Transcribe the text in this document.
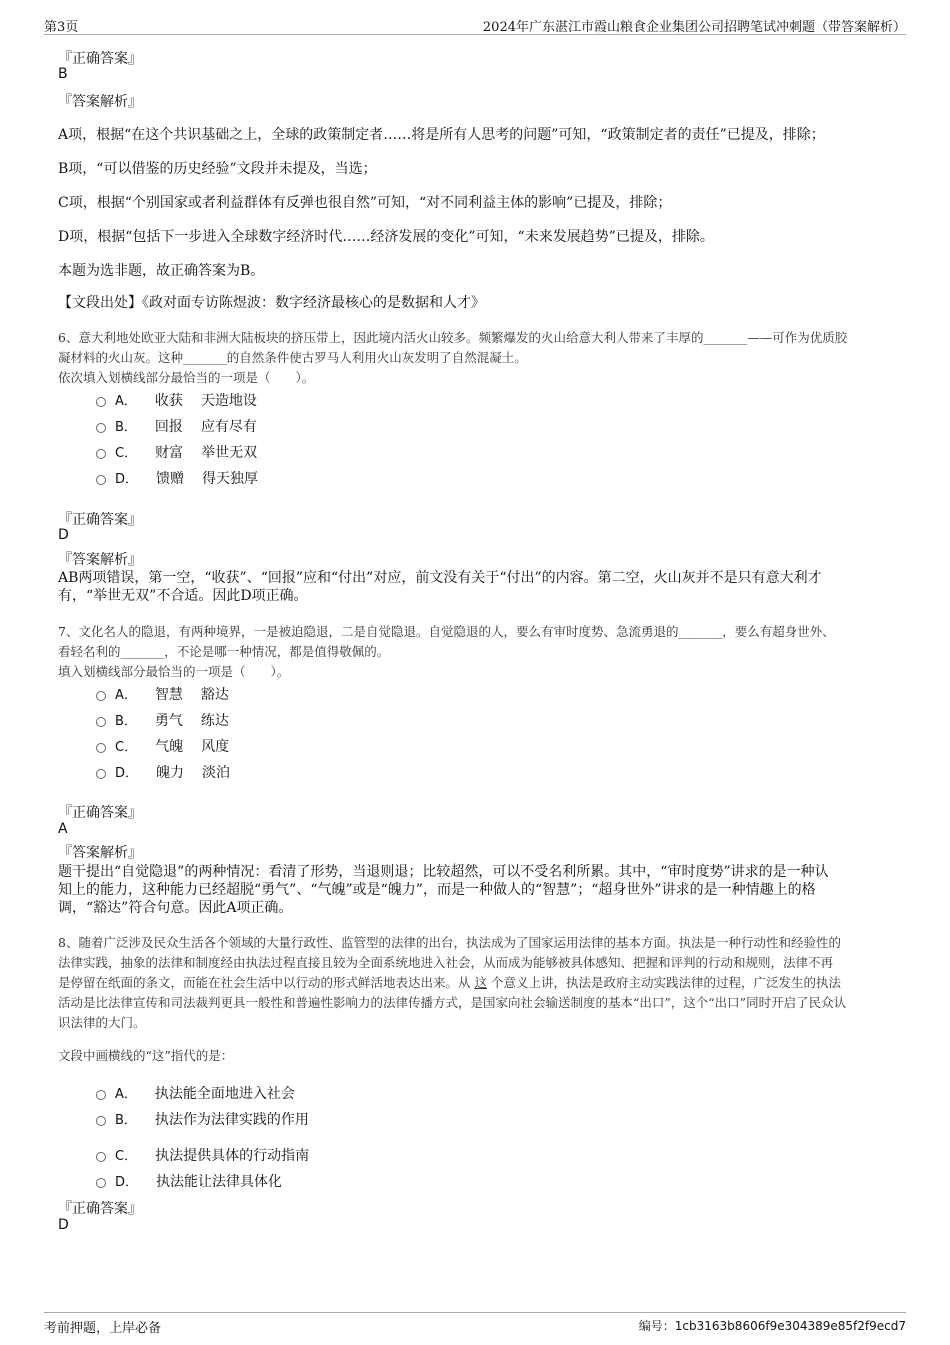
第3页	2024年广东湛江市霞山粮食企业集团公司招聘笔试冲刺题（带答案解析）
『正确答案』
B
『答案解析』
A项，根据“在这个共识基础之上，全球的政策制定者……将是所有人思考的问题”可知，“政策制定者的责任”已提及，排除；
B项，“可以借鉴的历史经验”文段并未提及，当选；
C项，根据“个别国家或者利益群体有反弹也很自然”可知，“对不同利益主体的影响”已提及，排除；
D项，根据“包括下一步进入全球数字经济时代……经济发展的变化”可知，“未来发展趋势”已提及，排除。
本题为选非题，故正确答案为B。
【文段出处】《政对面专访陈煜波：数字经济最核心的是数据和人才》
6、意大利地处欧亚大陆和非洲大陆板块的挤压带上，因此境内活火山较多。频繁爆发的火山给意大利人带来了丰厚的_______——可作为优质胶
凝材料的火山灰。这种_______的自然条件使古罗马人利用火山灰发明了自然混凝土。
依次填入划横线部分最恰当的一项是（　　）。
A． 收获 天造地设
B． 回报 应有尽有
C． 财富 举世无双
D． 馈赠 得天独厚
『正确答案』
D
『答案解析』
AB两项错误，第一空，“收获”、“回报”应和“付出”对应，前文没有关于“付出”的内容。第二空，火山灰并不是只有意大利才
有，“举世无双”不合适。因此D项正确。
7、文化名人的隐退，有两种境界，一是被迫隐退，二是自觉隐退。自觉隐退的人，要么有审时度势、急流勇退的_______，要么有超身世外、
看轻名利的_______，不论是哪一种情况，都是值得敬佩的。
填入划横线部分最恰当的一项是（　　）。
A． 智慧 豁达
B． 勇气 练达
C． 气魄 风度
D． 魄力 淡泊
『正确答案』
A
『答案解析』
题干提出“自觉隐退”的两种情况：看清了形势，当退则退；比较超然，可以不受名利所累。其中，“审时度势”讲求的是一种认
知上的能力，这种能力已经超脱“勇气”、“气魄”或是“魄力”，而是一种做人的“智慧”；“超身世外”讲求的是一种情趣上的格
调，“豁达”符合句意。因此A项正确。
8、随着广泛涉及民众生活各个领域的大量行政性、监管型的法律的出台，执法成为了国家运用法律的基本方面。执法是一种行动性和经验性的
法律实践，抽象的法律和制度经由执法过程直接且较为全面系统地进入社会，从而成为能够被具体感知、把握和评判的行动和规则，法律不再
是停留在纸面的条文，而能在社会生活中以行动的形式鲜活地表达出来。从 这 个意义上讲，执法是政府主动实践法律的过程，广泛发生的执法
活动是比法律宣传和司法裁判更具一般性和普遍性影响力的法律传播方式，是国家向社会输送制度的基本“出口”，这个“出口”同时开启了民众认
识法律的大门。
文段中画横线的“这”指代的是：
A． 执法能全面地进入社会
B． 执法作为法律实践的作用
C． 执法提供具体的行动指南
D． 执法能让法律具体化
『正确答案』
D
考前押题，上岸必备	编号：1cb3163b8606f9e304389e85f2f9ecd7
